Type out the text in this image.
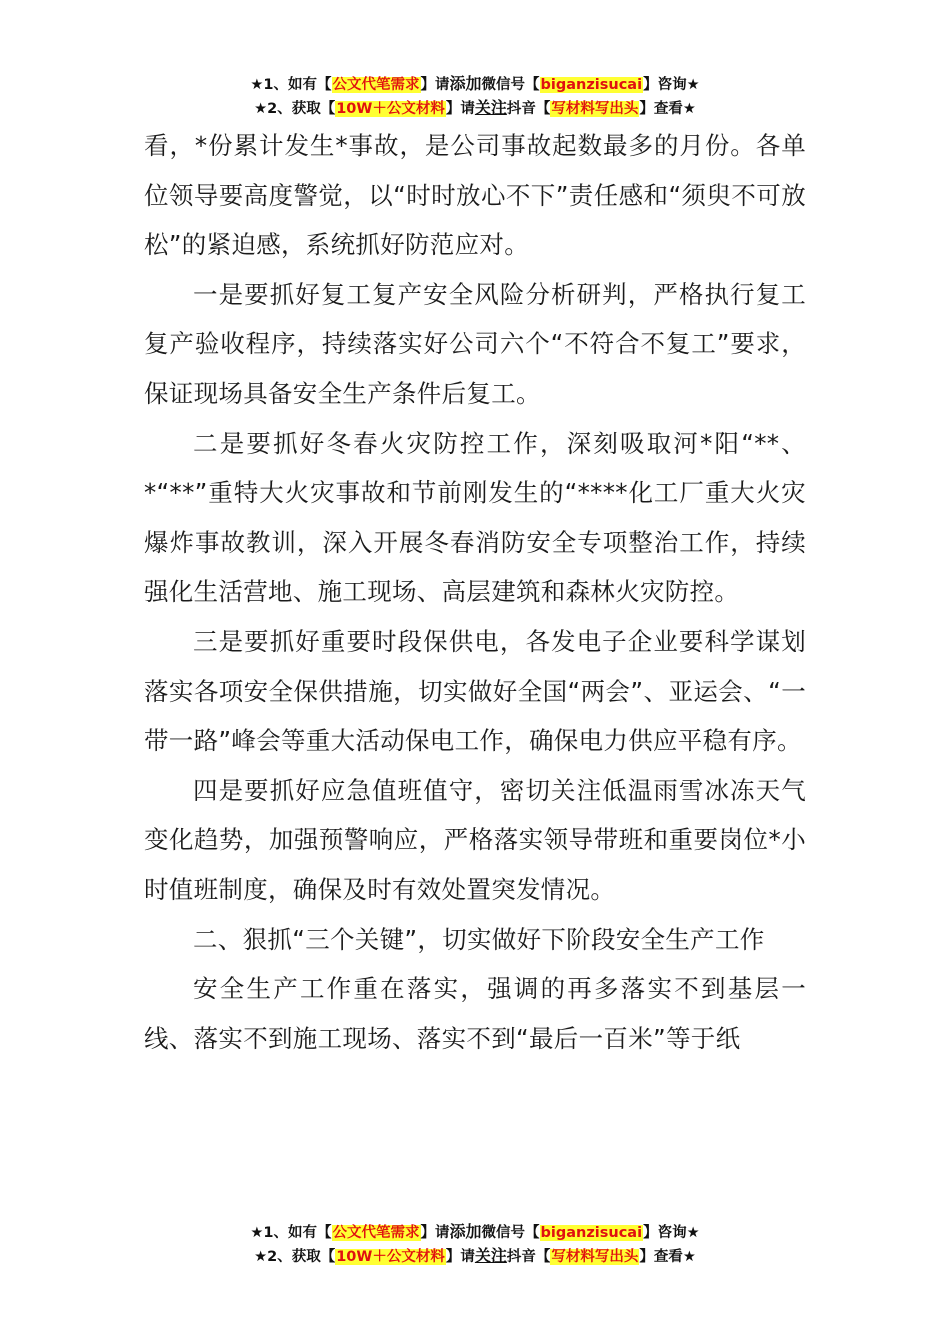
★1、如有【公文代笔需求】请添加微信号【biganzisucai】咨询★
★2、获取【10W＋公文材料】请关注抖音【写材料写出头】查看★

看，*份累计发生*事故，是公司事故起数最多的月份。各单位领导要高度警觉，以“时时放心不下”责任感和“须臾不可放松”的紧迫感，系统抓好防范应对。

一是要抓好复工复产安全风险分析研判，严格执行复工复产验收程序，持续落实好公司六个“不符合不复工”要求，保证现场具备安全生产条件后复工。

二是要抓好冬春火灾防控工作，深刻吸取河*阳“**、*“**”重特大火灾事故和节前刚发生的“****化工厂重大火灾爆炸事故教训，深入开展冬春消防安全专项整治工作，持续强化生活营地、施工现场、高层建筑和森林火灾防控。

三是要抓好重要时段保供电，各发电子企业要科学谋划落实各项安全保供措施，切实做好全国“两会”、亚运会、“一带一路”峰会等重大活动保电工作，确保电力供应平稳有序。

四是要抓好应急值班值守，密切关注低温雨雪冰冻天气变化趋势，加强预警响应，严格落实领导带班和重要岗位*小时值班制度，确保及时有效处置突发情况。

二、狠抓“三个关键”，切实做好下阶段安全生产工作

安全生产工作重在落实，强调的再多落实不到基层一线、落实不到施工现场、落实不到“最后一百米”等于纸

★1、如有【公文代笔需求】请添加微信号【biganzisucai】咨询★
★2、获取【10W＋公文材料】请关注抖音【写材料写出头】查看★
